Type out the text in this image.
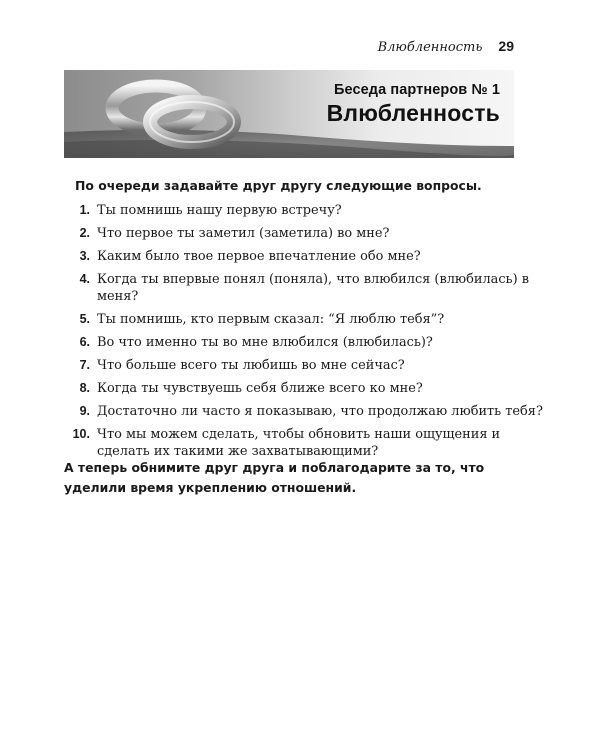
Влюбленность 29
Беседа партнеров № 1
Влюбленность
По очереди задавайте друг другу следующие вопросы.
1. Ты помнишь нашу первую встречу?
2. Что первое ты заметил (заметила) во мне?
3. Каким было твое первое впечатление обо мне?
4. Когда ты впервые понял (поняла), что влюбился (влюбилась) в меня?
5. Ты помнишь, кто первым сказал: “Я люблю тебя”?
6. Во что именно ты во мне влюбился (влюбилась)?
7. Что больше всего ты любишь во мне сейчас?
8. Когда ты чувствуешь себя ближе всего ко мне?
9. Достаточно ли часто я показываю, что продолжаю любить тебя?
10. Что мы можем сделать, чтобы обновить наши ощущения и сделать их такими же захватывающими?
А теперь обнимите друг друга и поблагодарите за то, что уделили время укреплению отношений.
